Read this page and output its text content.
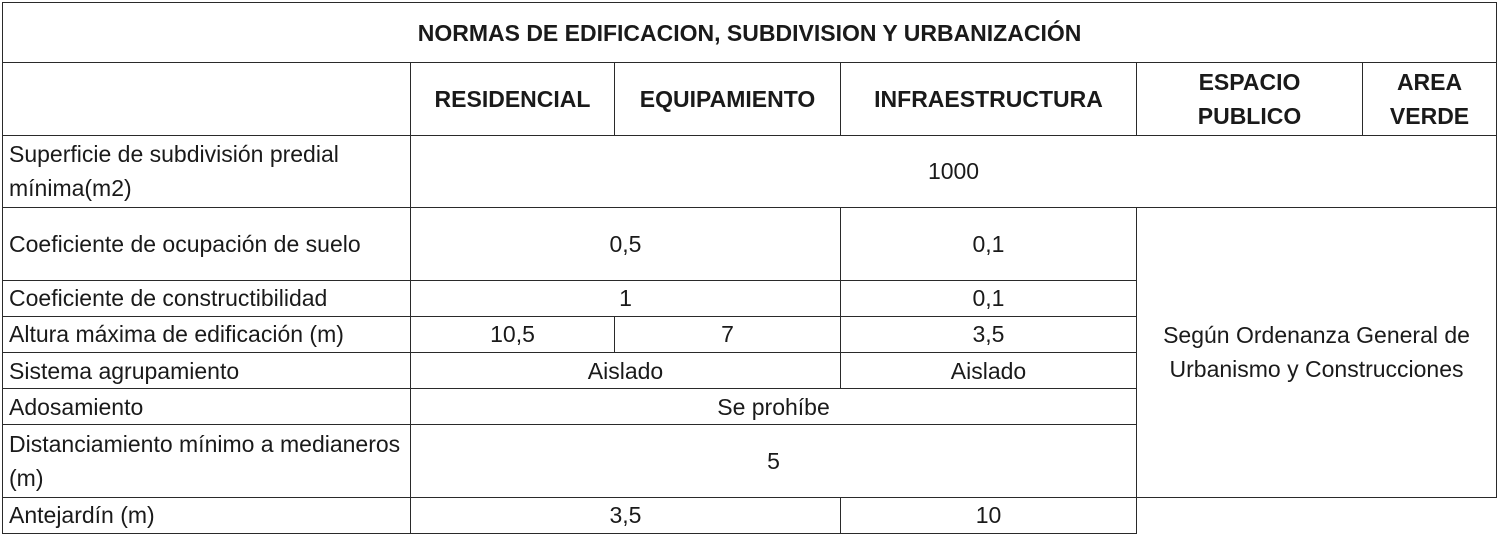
NORMAS DE EDIFICACION, SUBDIVISION Y URBANIZACIÓN					
	RESIDENCIAL	EQUIPAMIENTO	INFRAESTRUCTURA	ESPACIO PUBLICO	AREA VERDE
Superficie de subdivisión predial mínima(m2)	1000				
Coeficiente de ocupación de suelo	0,5		0,1	Según Ordenanza General de Urbanismo y Construcciones	
Coeficiente de constructibilidad	1		0,1		
Altura máxima de edificación (m)	10,5	7	3,5		
Sistema agrupamiento	Aislado		Aislado		
Adosamiento	Se prohíbe				
Distanciamiento mínimo a medianeros (m)	5				
Antejardín (m)	3,5		10		
